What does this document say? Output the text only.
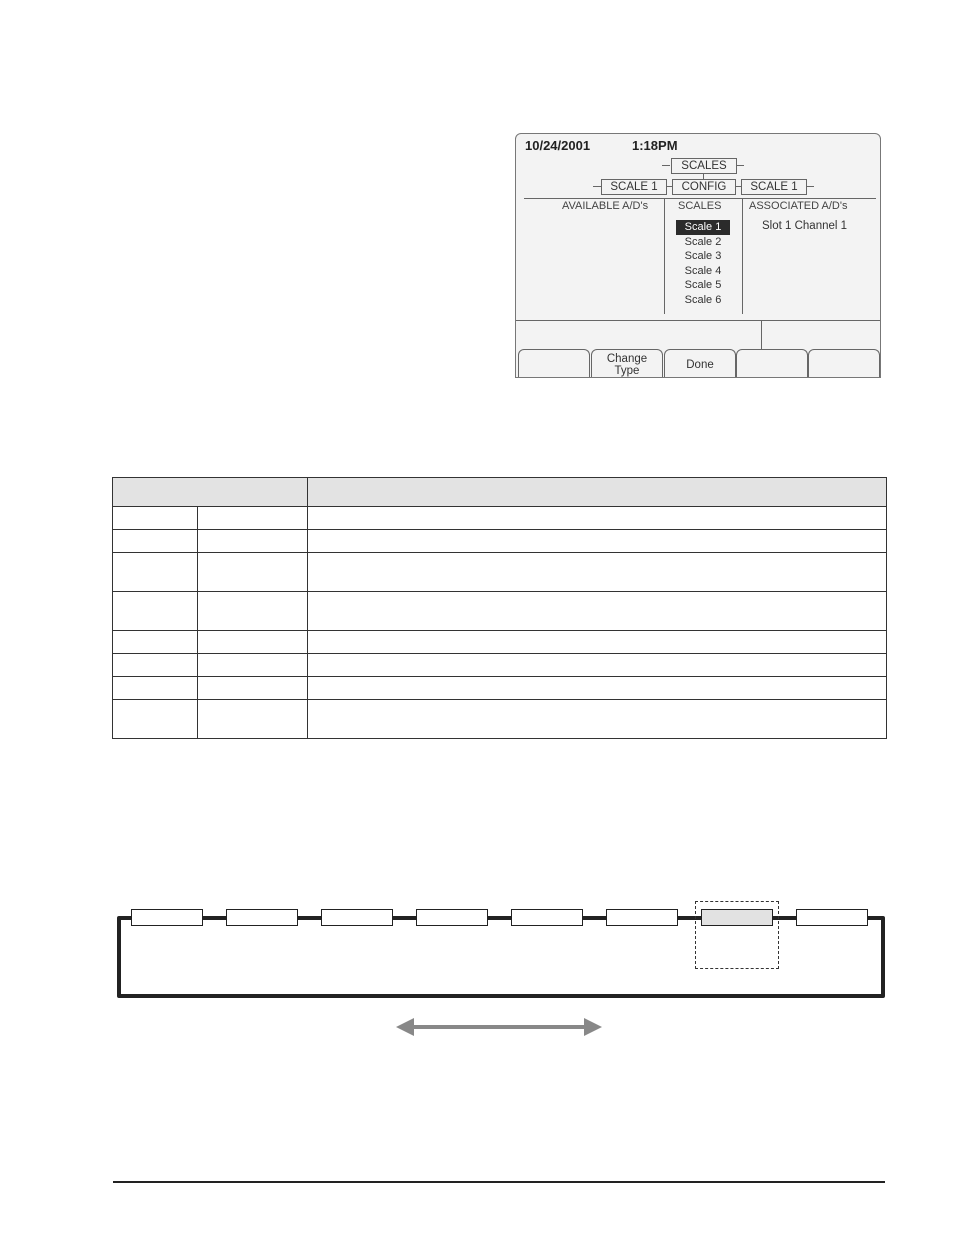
10/24/2001	1:18PM
SCALES
SCALE 1	CONFIG	SCALE 1
AVAILABLE A/D's	SCALES	ASSOCIATED A/D's
Scale 1
Scale 2
Scale 3
Scale 4
Scale 5
Scale 6
Slot 1 Channel 1
Change
Type	Done
